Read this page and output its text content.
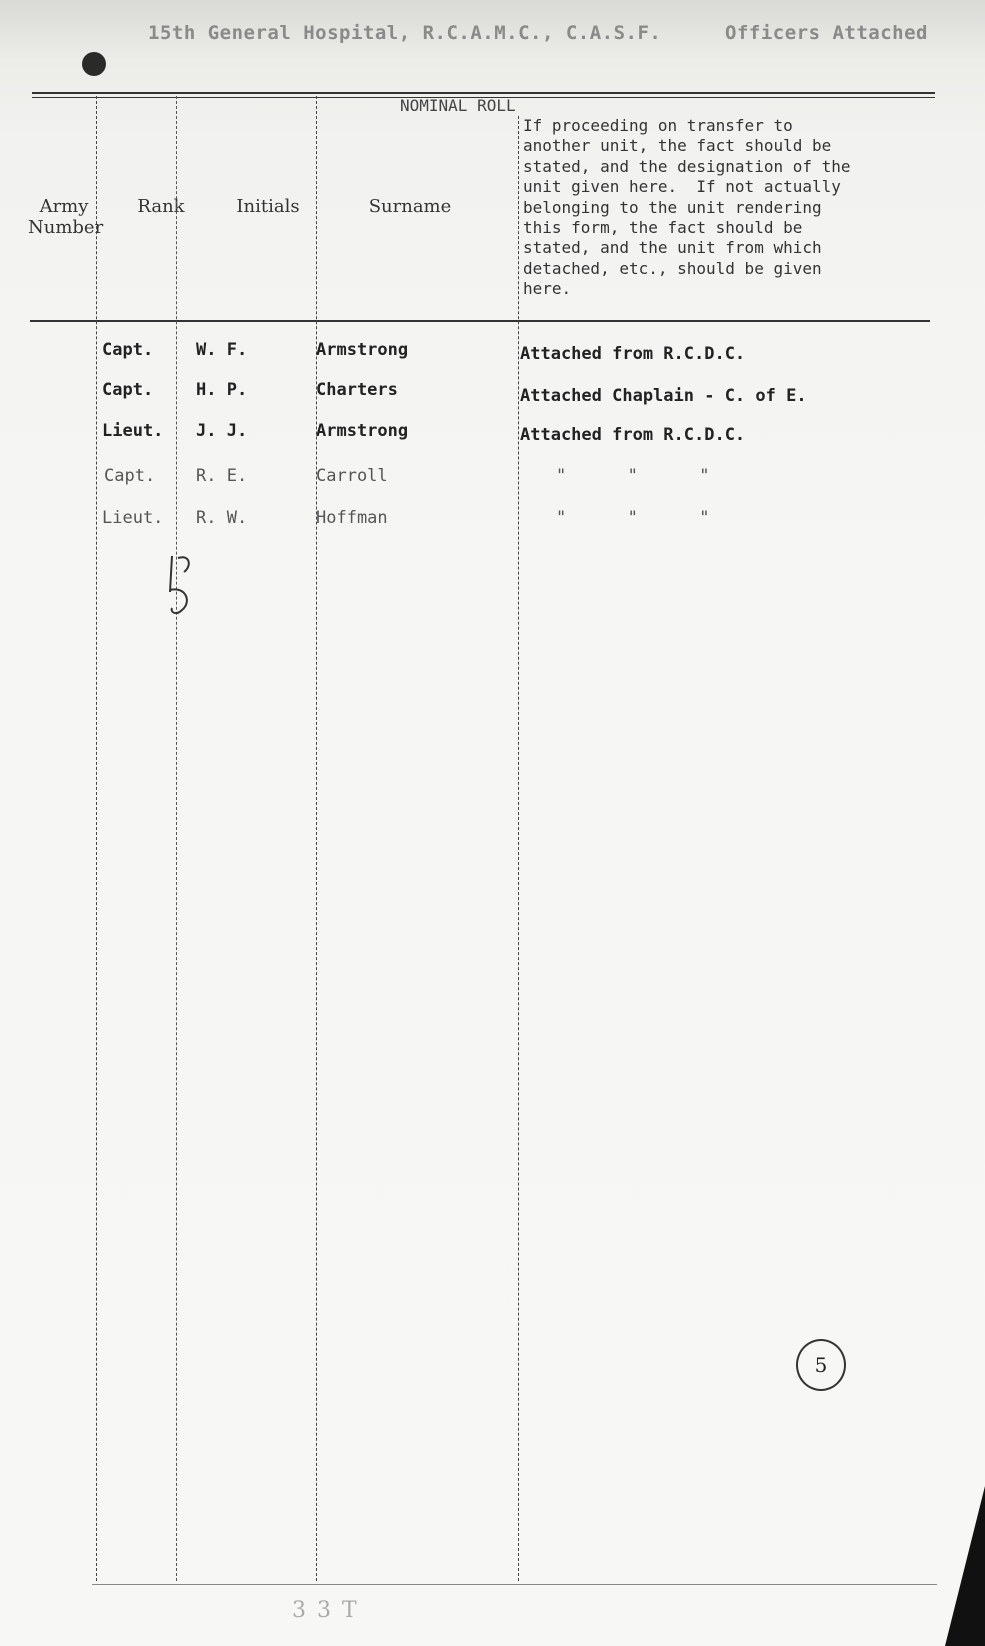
15th General Hospital, R.C.A.M.C., C.A.S.F.	Officers Attached
NOMINAL ROLL
Army
Number
Rank	Initials	Surname
If proceeding on transfer to
another unit, the fact should be
stated, and the designation of the
unit given here.  If not actually
belonging to the unit rendering
this form, the fact should be
stated, and the unit from which
detached, etc., should be given
here.
Capt.	W. F.	Armstrong	Attached from R.C.D.C.
Capt.	H. P.	Charters	Attached Chaplain - C. of E.
Lieut. J. J.	Armstrong	Attached from R.C.D.C.
Capt. R. E.	Carroll	"      "      "
Lieut. R. W.	Hoffman	"      "      "
5
3 3 T
